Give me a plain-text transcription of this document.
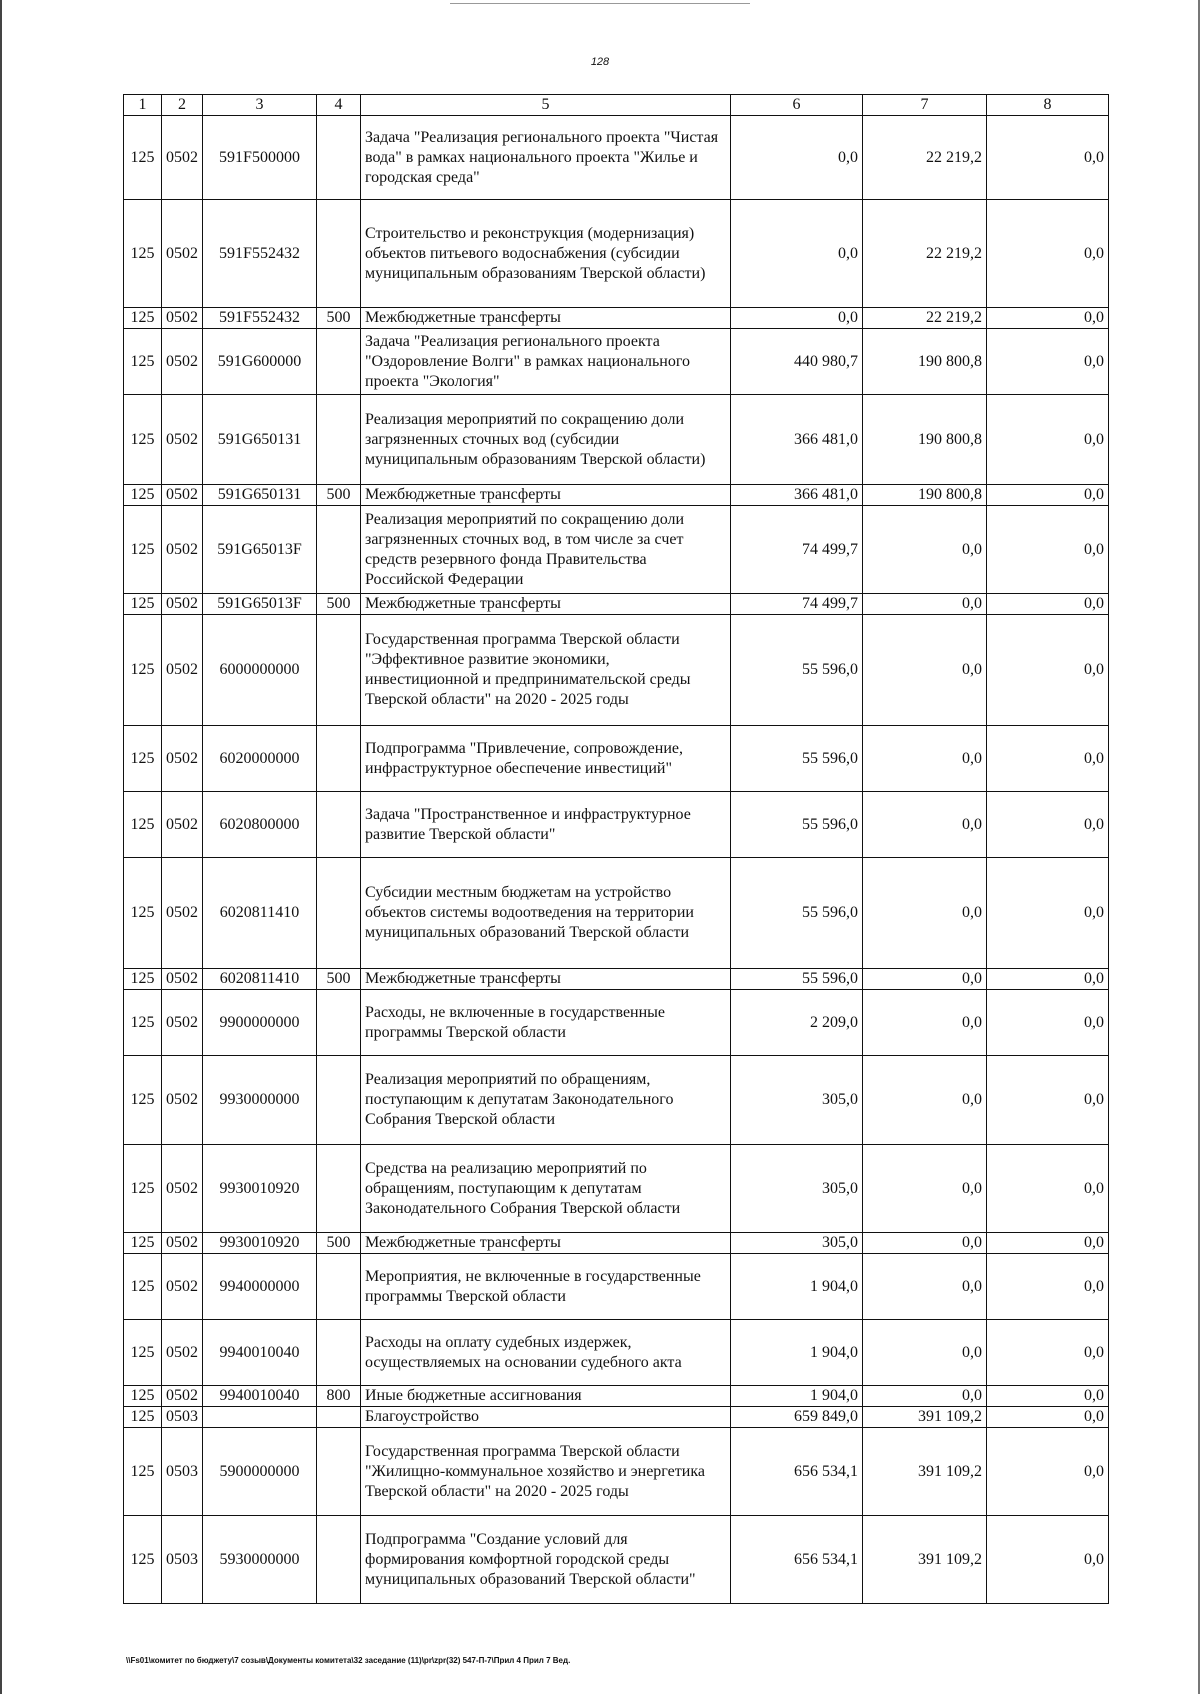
128
1	2	3	4	5	6	7	8
125	0502	591F500000		Задача "Реализация регионального проекта "Чистая вода" в рамках национального проекта "Жилье и городская среда"	0,0	22 219,2	0,0
125	0502	591F552432		Строительство и реконструкция (модернизация) объектов питьевого водоснабжения (субсидии муниципальным образованиям Тверской области)	0,0	22 219,2	0,0
125	0502	591F552432	500	Межбюджетные трансферты	0,0	22 219,2	0,0
125	0502	591G600000		Задача "Реализация регионального проекта "Оздоровление Волги" в рамках национального проекта "Экология"	440 980,7	190 800,8	0,0
125	0502	591G650131		Реализация мероприятий по сокращению доли загрязненных сточных вод (субсидии муниципальным образованиям Тверской области)	366 481,0	190 800,8	0,0
125	0502	591G650131	500	Межбюджетные трансферты	366 481,0	190 800,8	0,0
125	0502	591G65013F		Реализация мероприятий по сокращению доли загрязненных сточных вод, в том числе за счет средств резервного фонда Правительства Российской Федерации	74 499,7	0,0	0,0
125	0502	591G65013F	500	Межбюджетные трансферты	74 499,7	0,0	0,0
125	0502	6000000000		Государственная программа Тверской области "Эффективное развитие экономики, инвестиционной и предпринимательской среды Тверской области" на 2020 - 2025 годы	55 596,0	0,0	0,0
125	0502	6020000000		Подпрограмма "Привлечение, сопровождение, инфраструктурное обеспечение инвестиций"	55 596,0	0,0	0,0
125	0502	6020800000		Задача "Пространственное и инфраструктурное развитие Тверской области"	55 596,0	0,0	0,0
125	0502	6020811410		Субсидии местным бюджетам на устройство объектов системы водоотведения на территории муниципальных образований Тверской области	55 596,0	0,0	0,0
125	0502	6020811410	500	Межбюджетные трансферты	55 596,0	0,0	0,0
125	0502	9900000000		Расходы, не включенные в государственные программы Тверской области	2 209,0	0,0	0,0
125	0502	9930000000		Реализация мероприятий по обращениям, поступающим к депутатам Законодательного Собрания Тверской области	305,0	0,0	0,0
125	0502	9930010920		Средства на реализацию мероприятий по обращениям, поступающим к депутатам Законодательного Собрания Тверской области	305,0	0,0	0,0
125	0502	9930010920	500	Межбюджетные трансферты	305,0	0,0	0,0
125	0502	9940000000		Мероприятия, не включенные в государственные программы Тверской области	1 904,0	0,0	0,0
125	0502	9940010040		Расходы на оплату судебных издержек, осуществляемых на основании судебного акта	1 904,0	0,0	0,0
125	0502	9940010040	800	Иные бюджетные ассигнования	1 904,0	0,0	0,0
125	0503			Благоустройство	659 849,0	391 109,2	0,0
125	0503	5900000000		Государственная программа Тверской области "Жилищно-коммунальное хозяйство и энергетика Тверской области" на 2020 - 2025 годы	656 534,1	391 109,2	0,0
125	0503	5930000000		Подпрограмма "Создание условий для формирования комфортной городской среды муниципальных образований Тверской области"	656 534,1	391 109,2	0,0
\\Fs01\комитет по бюджету\7 созыв\Документы комитета\32 заседание (11)\pr\zpr(32) 547-П-7\Прил 4 Прил 7 Вед.
